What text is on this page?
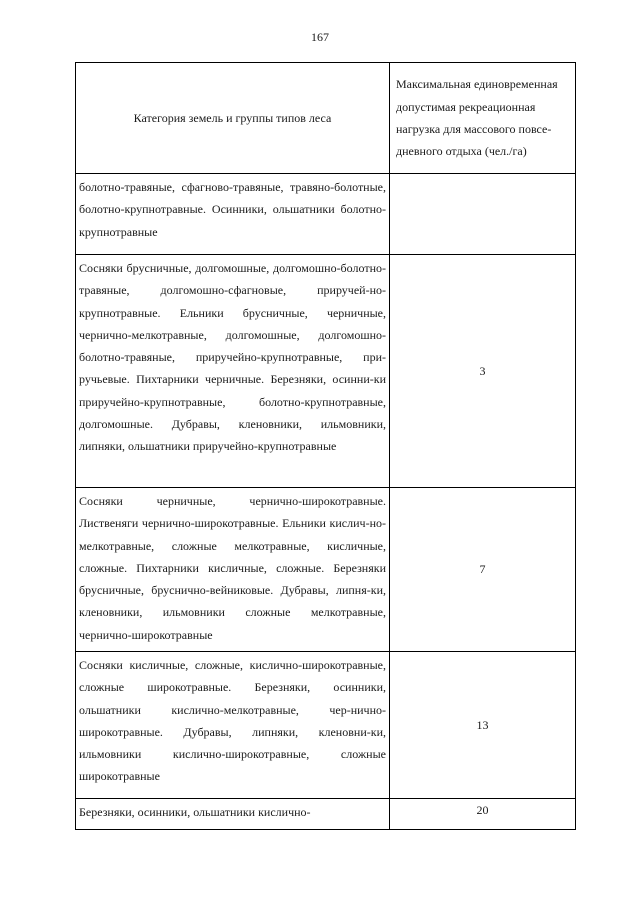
167
Категория земель и группы типов леса	Максимальная единовременная допустимая рекреационная нагрузка для массового повсе-дневного отдыха (чел./га)

болотно-травяные, сфагново-травяные, травяно-болотные, болотно-крупнотравные. Осинники, ольшатники болотно-крупнотравные	

Сосняки брусничные, долгомошные, долгомошно-болотно-травяные, долгомошно-сфагновые, приручей-но-крупнотравные. Ельники брусничные, черничные, чернично-мелкотравные, долгомошные, долгомошно-болотно-травяные, приручейно-крупнотравные, при-ручьевые. Пихтарники черничные. Березняки, осинни-ки приручейно-крупнотравные, болотно-крупнотравные, долгомошные. Дубравы, кленовники, ильмовники, липняки, ольшатники приручейно-крупнотравные	3

Сосняки черничные, чернично-широкотравные. Лиственяги чернично-широкотравные. Ельники кислич-но-мелкотравные, сложные мелкотравные, кисличные, сложные. Пихтарники кисличные, сложные. Березняки брусничные, бруснично-вейниковые. Дубравы, липня-ки, кленовники, ильмовники сложные мелкотравные, чернично-широкотравные	7

Сосняки кисличные, сложные, кислично-широкотравные, сложные широкотравные. Березняки, осинники, ольшатники кислично-мелкотравные, чер-нично-широкотравные. Дубравы, липняки, кленовни-ки, ильмовники кислично-широкотравные, сложные широкотравные	13

Березняки, осинники, ольшатники кислично-	20
